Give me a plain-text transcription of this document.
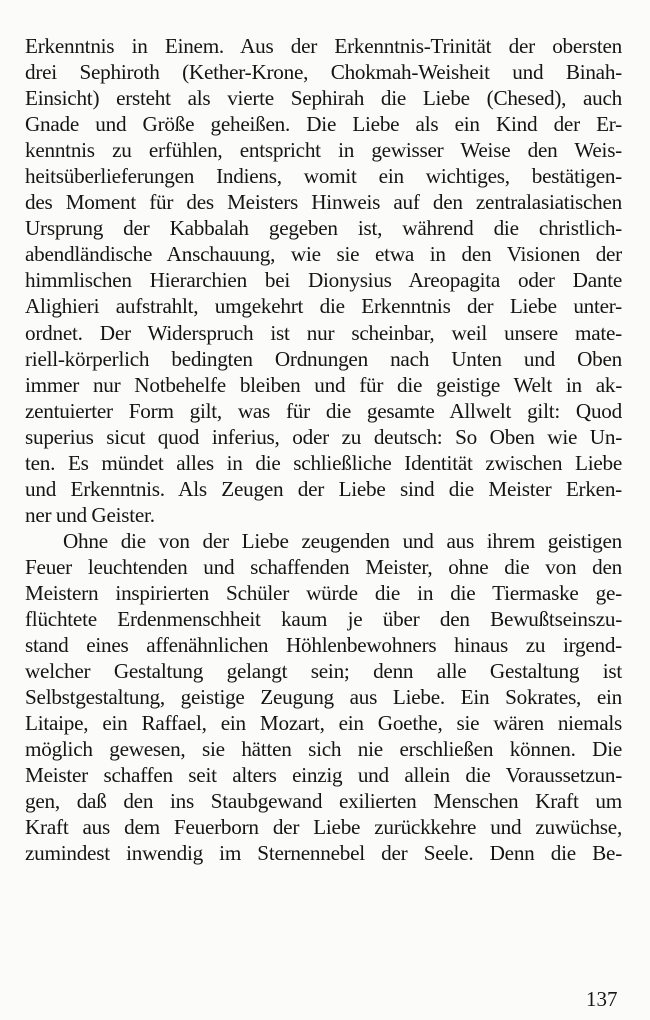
Erkenntnis in Einem. Aus der Erkenntnis-Trinität der obersten
drei Sephiroth (Kether-Krone, Chokmah-Weisheit und Binah-
Einsicht) ersteht als vierte Sephirah die Liebe (Chesed), auch
Gnade und Größe geheißen. Die Liebe als ein Kind der Er-
kenntnis zu erfühlen, entspricht in gewisser Weise den Weis-
heitsüberlieferungen Indiens, womit ein wichtiges, bestätigen-
des Moment für des Meisters Hinweis auf den zentralasiatischen
Ursprung der Kabbalah gegeben ist, während die christlich-
abendländische Anschauung, wie sie etwa in den Visionen der
himmlischen Hierarchien bei Dionysius Areopagita oder Dante
Alighieri aufstrahlt, umgekehrt die Erkenntnis der Liebe unter-
ordnet. Der Widerspruch ist nur scheinbar, weil unsere mate-
riell-körperlich bedingten Ordnungen nach Unten und Oben
immer nur Notbehelfe bleiben und für die geistige Welt in ak-
zentuierter Form gilt, was für die gesamte Allwelt gilt: Quod
superius sicut quod inferius, oder zu deutsch: So Oben wie Un-
ten. Es mündet alles in die schließliche Identität zwischen Liebe
und Erkenntnis. Als Zeugen der Liebe sind die Meister Erken-
ner und Geister.
Ohne die von der Liebe zeugenden und aus ihrem geistigen
Feuer leuchtenden und schaffenden Meister, ohne die von den
Meistern inspirierten Schüler würde die in die Tiermaske ge-
flüchtete Erdenmenschheit kaum je über den Bewußtseinszu-
stand eines affenähnlichen Höhlenbewohners hinaus zu irgend-
welcher Gestaltung gelangt sein; denn alle Gestaltung ist
Selbstgestaltung, geistige Zeugung aus Liebe. Ein Sokrates, ein
Litaipe, ein Raffael, ein Mozart, ein Goethe, sie wären niemals
möglich gewesen, sie hätten sich nie erschließen können. Die
Meister schaffen seit alters einzig und allein die Voraussetzun-
gen, daß den ins Staubgewand exilierten Menschen Kraft um
Kraft aus dem Feuerborn der Liebe zurückkehre und zuwüchse,
zumindest inwendig im Sternennebel der Seele. Denn die Be-
137
